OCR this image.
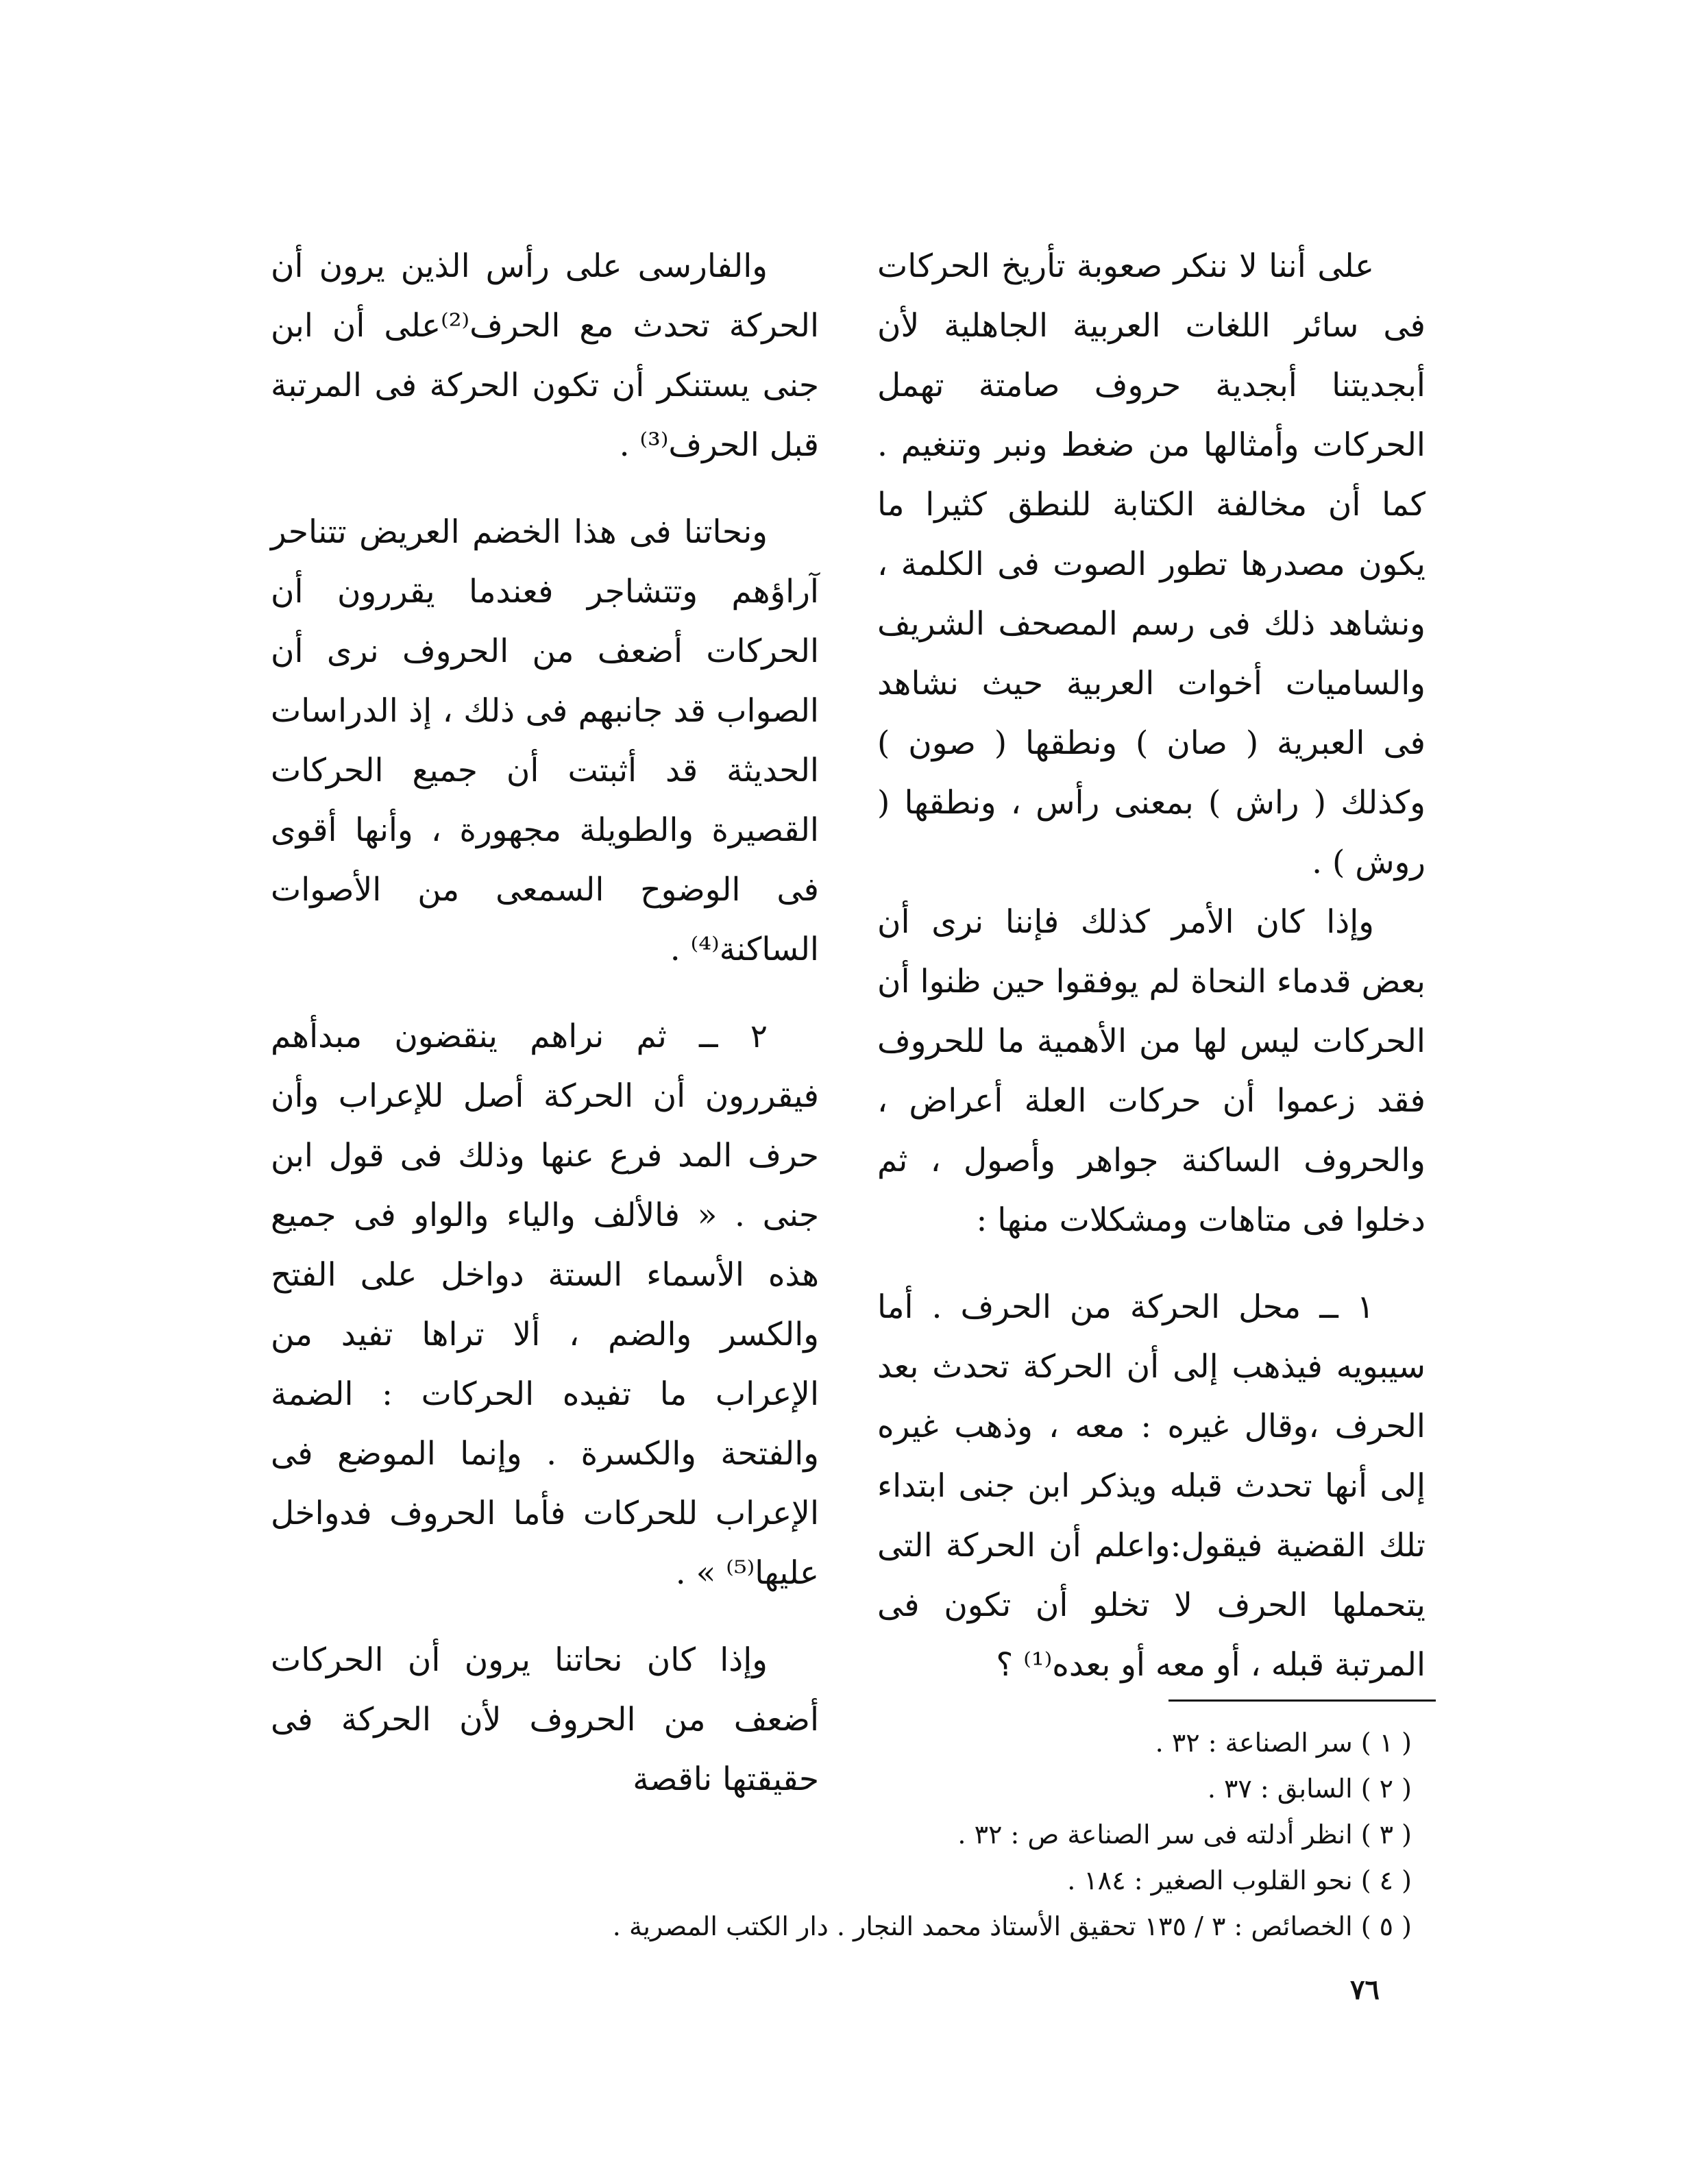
على أننا لا ننكر صعوبة تأريخ الحركات فى سائر اللغات العربية الجاهلية لأن أبجديتنا أبجدية حروف صامتة تهمل الحركات وأمثالها من ضغط ونبر وتنغيم . كما أن مخالفة الكتابة للنطق كثيرا ما يكون مصدرها تطور الصوت فى الكلمة ، ونشاهد ذلك فى رسم المصحف الشريف والساميات أخوات العربية حيث نشاهد فى العبرية ( صان ) ونطقها ( صون ) وكذلك ( راش ) بمعنى رأس ، ونطقها ( روش ) .

وإذا كان الأمر كذلك فإننا نرى أن بعض قدماء النحاة لم يوفقوا حين ظنوا أن الحركات ليس لها من الأهمية ما للحروف فقد زعموا أن حركات العلة أعراض ، والحروف الساكنة جواهر وأصول ، ثم دخلوا فى متاهات ومشكلات منها :

١ ــ محل الحركة من الحرف . أما سيبويه فيذهب إلى أن الحركة تحدث بعد الحرف ،وقال غيره : معه ، وذهب غيره إلى أنها تحدث قبله ويذكر ابن جنى ابتداء تلك القضية فيقول:واعلم أن الحركة التى يتحملها الحرف لا تخلو أن تكون فى المرتبة قبله ، أو معه أو بعده⁽¹⁾ ؟

والفارسى على رأس الذين يرون أن الحركة تحدث مع الحرف⁽²⁾على أن ابن جنى يستنكر أن تكون الحركة فى المرتبة قبل الحرف⁽³⁾ .

ونحاتنا فى هذا الخضم العريض تتناحر آراؤهم وتتشاجر فعندما يقررون أن الحركات أضعف من الحروف نرى أن الصواب قد جانبهم فى ذلك ، إذ الدراسات الحديثة قد أثبتت أن جميع الحركات القصيرة والطويلة مجهورة ، وأنها أقوى فى الوضوح السمعى من الأصوات الساكنة⁽⁴⁾ .

٢ ــ ثم نراهم ينقضون مبدأهم فيقررون أن الحركة أصل للإعراب وأن حرف المد فرع عنها وذلك فى قول ابن جنى . « فالألف والياء والواو فى جميع هذه الأسماء الستة دواخل على الفتح والكسر والضم ، ألا تراها تفيد من الإعراب ما تفيده الحركات : الضمة والفتحة والكسرة . وإنما الموضع فى الإعراب للحركات فأما الحروف فدواخل عليها⁽⁵⁾ » .

وإذا كان نحاتنا يرون أن الحركات أضعف من الحروف لأن الحركة فى حقيقتها ناقصة

( ١ ) سر الصناعة : ٣٢ .

( ٢ ) السابق : ٣٧ .

( ٣ ) انظر أدلته فى سر الصناعة ص : ٣٢ .

( ٤ ) نحو القلوب الصغير : ١٨٤ .

( ٥ ) الخصائص : ٣ / ١٣٥ تحقيق الأستاذ محمد النجار . دار الكتب المصرية .

٧٦
